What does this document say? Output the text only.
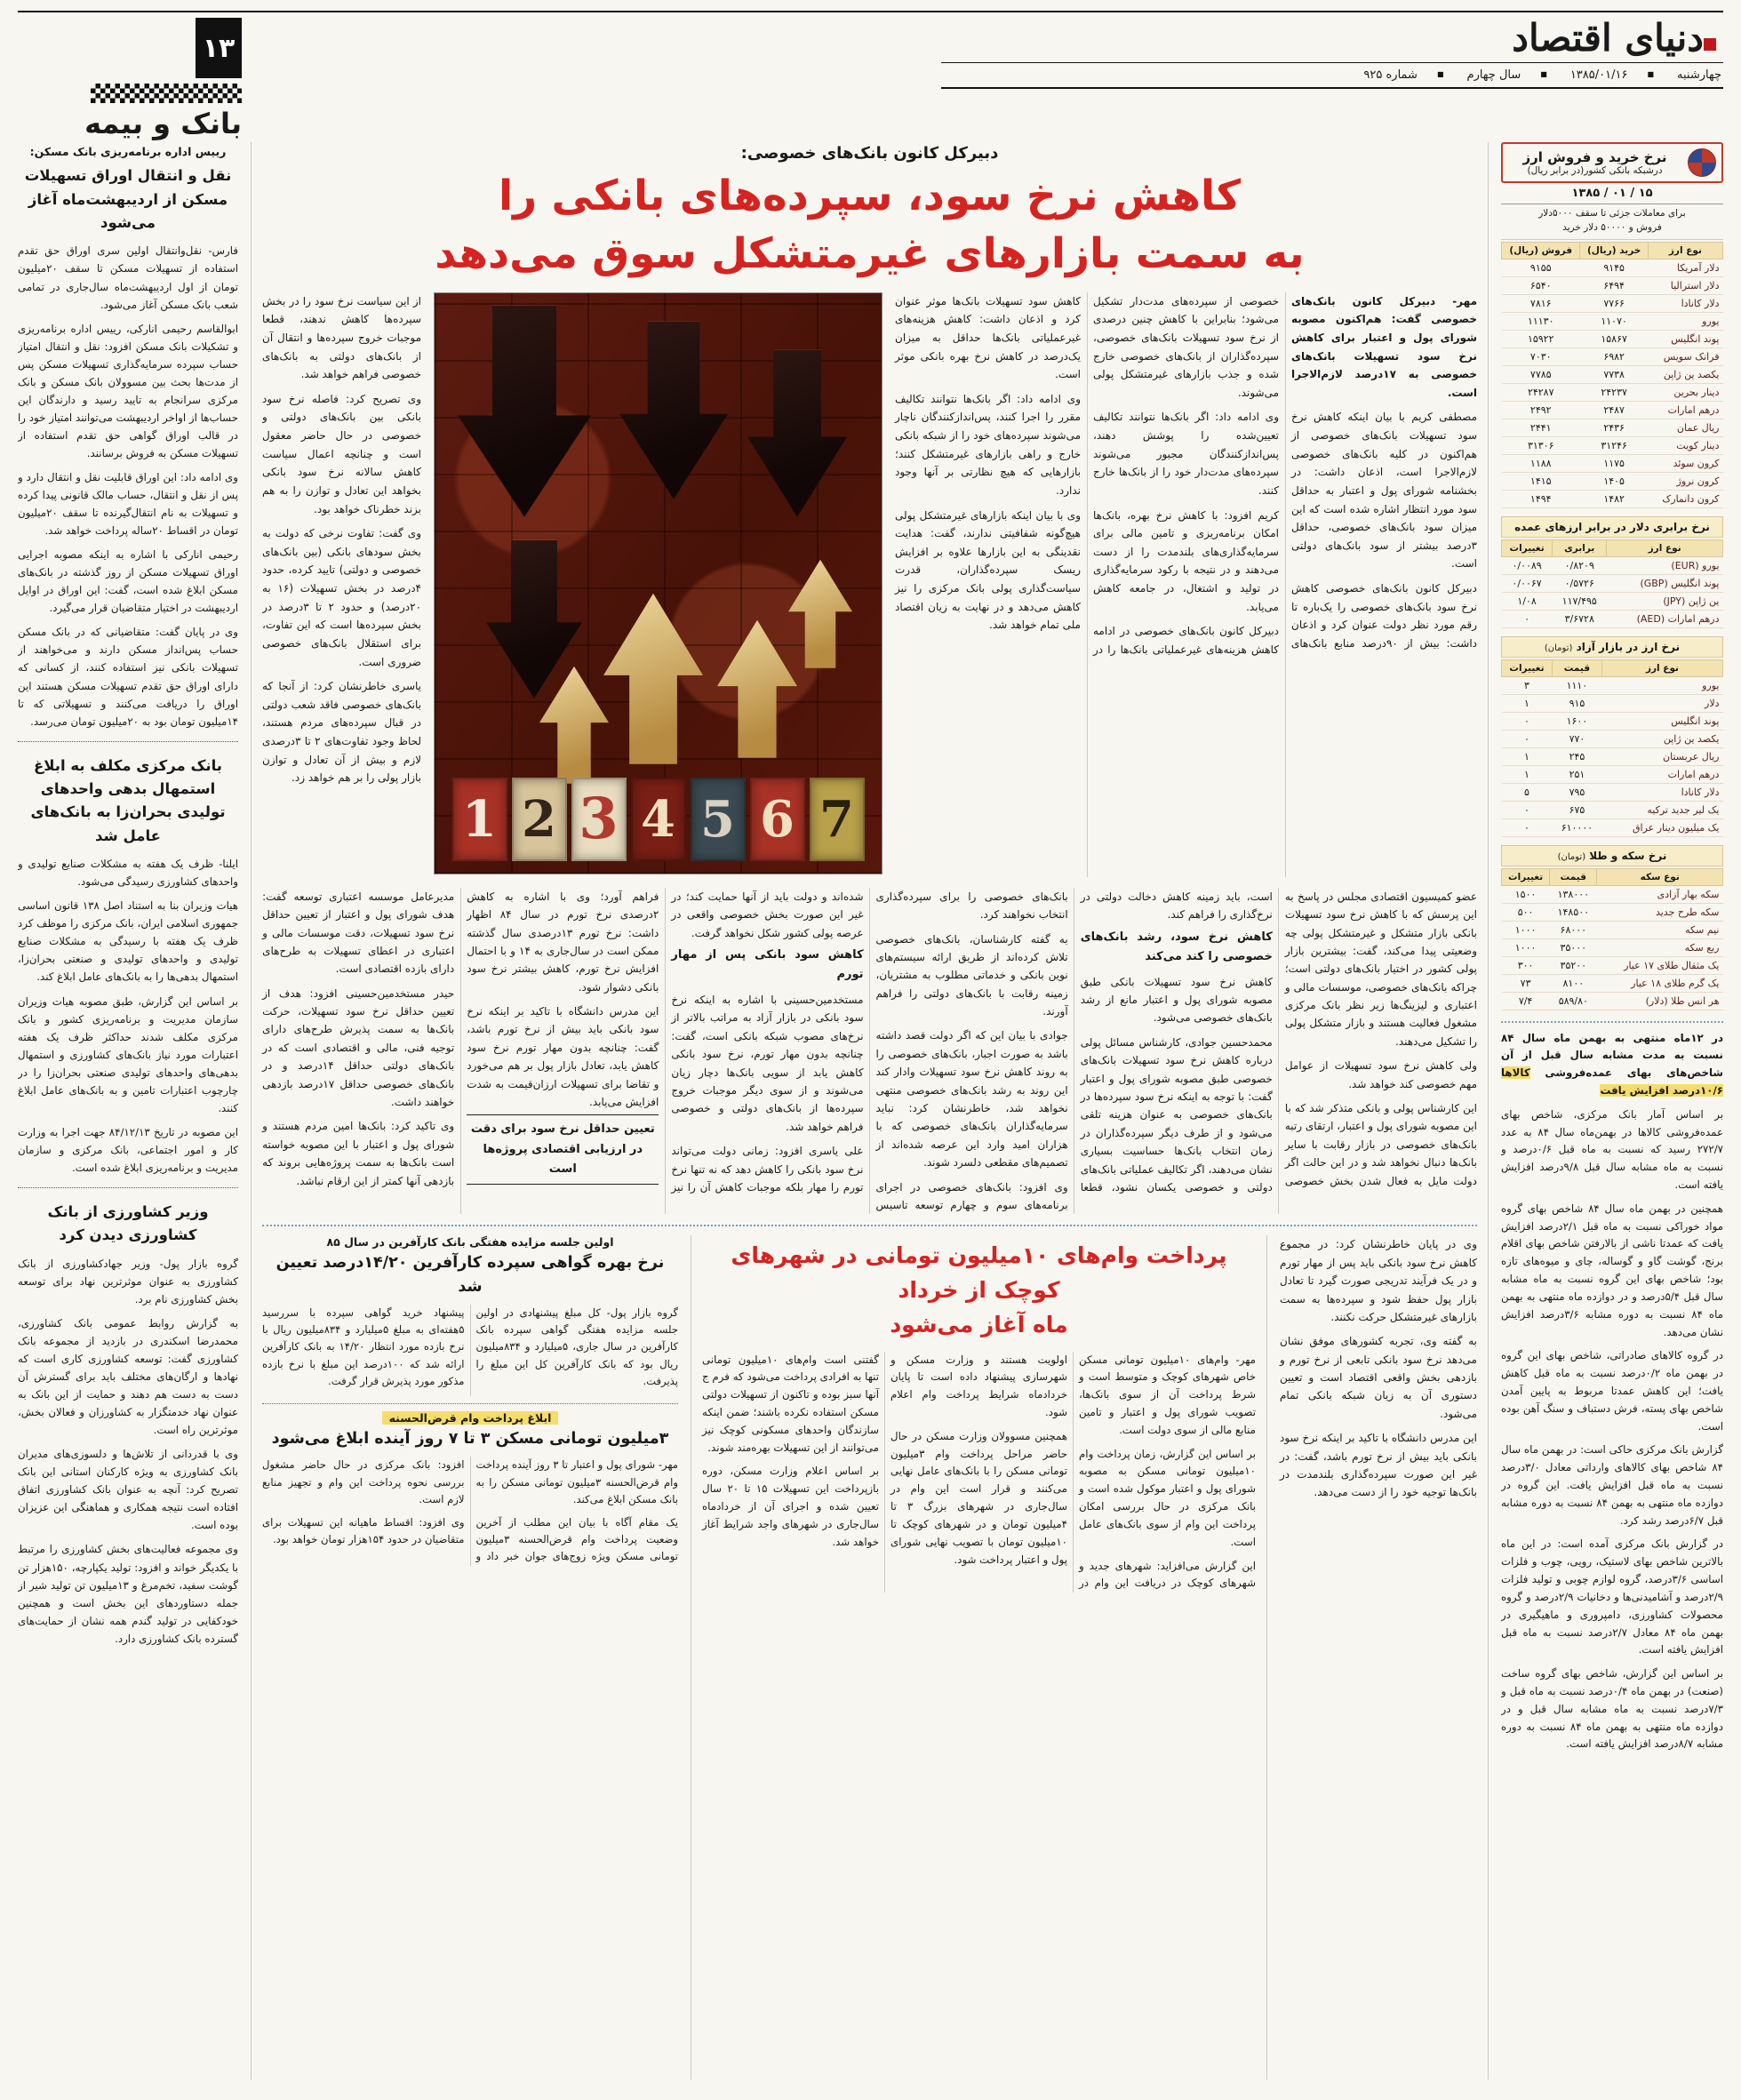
دنیای اقتصاد
چهارشنبه
■ ۱۳۸۵/۰۱/۱۶
■ سال چهارم
■ شماره ۹۲۵
۱۳
بانک و بیمه
نرخ خرید و فروش ارز
درشبکه بانکی کشور(در برابر ریال)
۱۵ / ۰۱ / ۱۳۸۵
برای معاملات جزئی تا سقف ۵۰۰۰دلار
فروش و ۵۰۰۰۰ دلار خرید
نوع ارز	خرید (ریال)	فروش (ریال)
دلار آمریکا	۹۱۴۵	۹۱۵۵
دلار استرالیا	۶۴۹۴	۶۵۴۰
دلار کانادا	۷۷۶۶	۷۸۱۶
یورو	۱۱۰۷۰	۱۱۱۳۰
پوند انگلیس	۱۵۸۶۷	۱۵۹۲۲
فرانک سویس	۶۹۸۲	۷۰۳۰
یکصد ین ژاپن	۷۷۳۸	۷۷۸۵
دینار بحرین	۲۴۲۳۷	۲۴۲۸۷
درهم امارات	۲۴۸۷	۲۴۹۲
ریال عمان	۲۴۳۶	۲۴۴۱
دینار کویت	۳۱۲۴۶	۳۱۳۰۶
کرون سوئد	۱۱۷۵	۱۱۸۸
کرون نروژ	۱۴۰۵	۱۴۱۵
کرون دانمارک	۱۴۸۲	۱۴۹۴
نرخ برابری دلار در برابر ارزهای عمده
نوع ارز	برابری	تغییرات
یورو (EUR)	۰/۸۲۰۹	۰/۰۰۸۹
پوند انگلیس (GBP)	۰/۵۷۲۶	۰/۰۰۶۷
ین ژاپن (JPY)	۱۱۷/۴۹۵	۱/۰۸
درهم امارات (AED)	۳/۶۷۲۸	۰
نرخ ارز در بازار آزاد (تومان)
نوع ارز	قیمت	تغییرات
یورو	۱۱۱۰	۳
دلار	۹۱۵	۱
پوند انگلیس	۱۶۰۰	۰
یکصد ین ژاپن	۷۷۰	۰
ریال عربستان	۲۴۵	۱
درهم امارات	۲۵۱	۱
دلار کانادا	۷۹۵	۵
یک لیر جدید ترکیه	۶۷۵	۰
یک میلیون دینار عراق	۶۱۰۰۰۰	۰
نرخ سکه و طلا (تومان)
نوع سکه	قیمت	تغییرات
سکه بهار آزادی	۱۳۸۰۰۰	۱۵۰۰
سکه طرح جدید	۱۴۸۵۰۰	۵۰۰
نیم سکه	۶۸۰۰۰	۱۰۰۰
ربع سکه	۳۵۰۰۰	۱۰۰۰
یک مثقال طلای ۱۷ عیار	۳۵۲۰۰	۳۰۰
یک گرم طلای ۱۸ عیار	۸۱۰۰	۷۳
هر انس طلا (دلار)	۵۸۹/۸۰	۷/۴

در ۱۲ماه منتهی به بهمن ماه سال ۸۴ نسبت به مدت مشابه سال قبل از آن شاخص‌های بهای عمده‌فروشی کالاها ۱۰/۶درصد افزایش یافت

بر اساس آمار بانک مرکزی، شاخص بهای عمده‌فروشی کالاها در بهمن‌ماه سال ۸۴ به عدد ۲۷۲/۷ رسید که نسبت به ماه قبل ۰/۶درصد و نسبت به ماه مشابه سال قبل ۹/۸درصد افزایش یافته است.

همچنین در بهمن ماه سال ۸۴ شاخص بهای گروه مواد خوراکی نسبت به ماه قبل ۲/۱درصد افزایش یافت که عمدتا ناشی از بالارفتن شاخص بهای اقلام برنج، گوشت گاو و گوساله، چای و میوه‌های تازه بود؛ شاخص بهای این گروه نسبت به ماه مشابه سال قبل ۵/۴درصد و در دوازده ماه منتهی به بهمن ماه ۸۴ نسبت به دوره مشابه ۳/۶درصد افزایش نشان می‌دهد.

در گروه کالاهای صادراتی، شاخص بهای این گروه در بهمن ماه ۰/۲درصد نسبت به ماه قبل کاهش یافت؛ این کاهش عمدتا مربوط به پایین آمدن شاخص بهای پسته، فرش دستباف و سنگ آهن بوده است.

گزارش بانک مرکزی حاکی است: در بهمن ماه سال ۸۴ شاخص بهای کالاهای وارداتی معادل ۳/۰درصد نسبت به ماه قبل افزایش یافت. این گروه در دوازده ماه منتهی به بهمن ۸۴ نسبت به دوره مشابه قبل ۶/۷درصد رشد کرد.

در گزارش بانک مرکزی آمده است: در این ماه بالاترین شاخص بهای لاستیک، رویی، چوب و فلزات اساسی ۳/۶درصد، گروه لوازم چوبی و تولید فلزات ۲/۹درصد و آشامیدنی‌ها و دخانیات ۲/۹درصد و گروه محصولات کشاورزی، دامپروری و ماهیگیری در بهمن ماه ۸۴ معادل ۲/۷درصد نسبت به ماه قبل افزایش یافته است.

بر اساس این گزارش، شاخص بهای گروه ساخت (صنعت) در بهمن ماه ۰/۴درصد نسبت به ماه قبل و ۷/۳درصد نسبت به ماه مشابه سال قبل و در دوازده ماه منتهی به بهمن ماه ۸۴ نسبت به دوره مشابه ۸/۷درصد افزایش یافته است.

دبیرکل کانون بانک‌های خصوصی:
کاهش نرخ سود، سپرده‌های بانکی را
به سمت بازارهای غیرمتشکل سوق می‌دهد

مهر- دبیرکل کانون بانک‌های خصوصی گفت: هم‌اکنون مصوبه شورای پول و اعتبار برای کاهش نرخ سود تسهیلات بانک‌های خصوصی به ۱۷درصد لازم‌الاجرا است.

مصطفی کریم با بیان اینکه کاهش نرخ سود تسهیلات بانک‌های خصوصی از هم‌اکنون در کلیه بانک‌های خصوصی لازم‌الاجرا است، اذعان داشت: در بخشنامه شورای پول و اعتبار به حداقل سود مورد انتظار اشاره شده است که این میزان سود بانک‌های خصوصی، حداقل ۳درصد بیشتر از سود بانک‌های دولتی است.

دبیرکل کانون بانک‌های خصوصی کاهش نرخ سود بانک‌های خصوصی را یک‌باره تا رقم مورد نظر دولت عنوان کرد و اذعان داشت: بیش از ۹۰درصد منابع بانک‌های خصوصی از سپرده‌های مدت‌دار تشکیل می‌شود؛ بنابراین با کاهش چنین درصدی از نرخ سود تسهیلات بانک‌های خصوصی، سپرده‌گذاران از بانک‌های خصوصی خارج شده و جذب بازارهای غیرمتشکل پولی می‌شوند.

وی ادامه داد: اگر بانک‌ها نتوانند تکالیف تعیین‌شده را پوشش دهند، پس‌اندازکنندگان مجبور می‌شوند سپرده‌های مدت‌دار خود را از بانک‌ها خارج کنند.

کریم افزود: با کاهش نرخ بهره، بانک‌ها امکان برنامه‌ریزی و تامین مالی برای سرمایه‌گذاری‌های بلندمدت را از دست می‌دهند و در نتیجه با رکود سرمایه‌گذاری در تولید و اشتغال، در جامعه کاهش می‌یابد.

دبیرکل کانون بانک‌های خصوصی در ادامه کاهش هزینه‌های غیرعملیاتی بانک‌ها را در کاهش سود تسهیلات بانک‌ها موثر عنوان کرد و اذعان داشت: کاهش هزینه‌های غیرعملیاتی بانک‌ها حداقل به میزان یک‌درصد در کاهش نرخ بهره بانکی موثر است.

وی ادامه داد: اگر بانک‌ها نتوانند تکالیف مقرر را اجرا کنند، پس‌اندازکنندگان ناچار می‌شوند سپرده‌های خود را از شبکه بانکی خارج و راهی بازارهای غیرمتشکل کنند؛ بازارهایی که هیچ نظارتی بر آنها وجود ندارد.

وی با بیان اینکه بازارهای غیرمتشکل پولی هیچ‌گونه شفافیتی ندارند، گفت: هدایت نقدینگی به این بازارها علاوه بر افزایش ریسک سپرده‌گذاران، قدرت سیاست‌گذاری پولی بانک مرکزی را نیز کاهش می‌دهد و در نهایت به زیان اقتصاد ملی تمام خواهد شد.

1 2 3 4 5 6 7

از این سیاست نرخ سود را در بخش سپرده‌ها کاهش ندهند، قطعا موجبات خروج سپرده‌ها و انتقال آن از بانک‌های دولتی به بانک‌های خصوصی فراهم خواهد شد.

وی تصریح کرد: فاصله نرخ سود بانکی بین بانک‌های دولتی و خصوصی در حال حاضر معقول است و چنانچه اعمال سیاست کاهش سالانه نرخ سود بانکی بخواهد این تعادل و توازن را به هم بزند خطرناک خواهد بود.

وی گفت: تفاوت نرخی که دولت به بخش سودهای بانکی (بین بانک‌های خصوصی و دولتی) تایید کرده، حدود ۴درصد در بخش تسهیلات (۱۶ به ۲۰درصد) و حدود ۲ تا ۳درصد در بخش سپرده‌ها است که این تفاوت، برای استقلال بانک‌های خصوصی ضروری است.

یاسری خاطرنشان کرد: از آنجا که بانک‌های خصوصی فاقد شعب دولتی در قبال سپرده‌های مردم هستند، لحاظ وجود تفاوت‌های ۲ تا ۳درصدی لازم و بیش از آن تعادل و توازن بازار پولی را بر هم خواهد زد.

عضو کمیسیون اقتصادی مجلس در پاسخ به این پرسش که با کاهش نرخ سود تسهیلات بانکی بازار متشکل و غیرمتشکل پولی چه وضعیتی پیدا می‌کند، گفت: بیشترین بازار پولی کشور در اختیار بانک‌های دولتی است؛ چراکه بانک‌های خصوصی، موسسات مالی و اعتباری و لیزینگ‌ها زیر نظر بانک مرکزی مشغول فعالیت هستند و بازار متشکل پولی را تشکیل می‌دهند.

ولی کاهش نرخ سود تسهیلات از عوامل مهم خصوصی کند خواهد شد.

این کارشناس پولی و بانکی متذکر شد که با این مصوبه شورای پول و اعتبار، ارتقای رتبه بانک‌های خصوصی در بازار رقابت با سایر بانک‌ها دنبال نخواهد شد و در این حالت اگر دولت مایل به فعال شدن بخش خصوصی است، باید زمینه کاهش دخالت دولتی در نرخ‌گذاری را فراهم کند.

کاهش نرخ سود، رشد بانک‌های خصوصی را کند می‌کند

کاهش نرخ سود تسهیلات بانکی طبق مصوبه شورای پول و اعتبار مانع از رشد بانک‌های خصوصی می‌شود.

محمدحسین جوادی، کارشناس مسائل پولی درباره کاهش نرخ سود تسهیلات بانک‌های خصوصی طبق مصوبه شورای پول و اعتبار گفت: با توجه به اینکه نرخ سود سپرده‌ها در بانک‌های خصوصی به عنوان هزینه تلقی می‌شود و از طرف دیگر سپرده‌گذاران در زمان انتخاب بانک‌ها حساسیت بسیاری نشان می‌دهند، اگر تکالیف عملیاتی بانک‌های دولتی و خصوصی یکسان نشود، قطعا بانک‌های خصوصی را برای سپرده‌گذاری انتخاب نخواهند کرد.

به گفته کارشناسان، بانک‌های خصوصی تلاش کرده‌اند از طریق ارائه سیستم‌های نوین بانکی و خدماتی مطلوب به مشتریان، زمینه رقابت با بانک‌های دولتی را فراهم آورند.

جوادی با بیان این که اگر دولت قصد داشته باشد به صورت اجبار، بانک‌های خصوصی را به روند کاهش نرخ سود تسهیلات وادار کند این روند به رشد بانک‌های خصوصی منتهی نخواهد شد، خاطرنشان کرد: نباید سرمایه‌گذاران بانک‌های خصوصی که با هزاران امید وارد این عرصه شده‌اند از تصمیم‌های مقطعی دلسرد شوند.

وی افزود: بانک‌های خصوصی در اجرای برنامه‌های سوم و چهارم توسعه تاسیس شده‌اند و دولت باید از آنها حمایت کند؛ در غیر این صورت بخش خصوصی واقعی در عرصه پولی کشور شکل نخواهد گرفت.

کاهش سود بانکی پس از مهار تورم

مستخدمین‌حسینی با اشاره به اینکه نرخ سود بانکی در بازار آزاد به مراتب بالاتر از نرخ‌های مصوب شبکه بانکی است، گفت: چنانچه بدون مهار تورم، نرخ سود بانکی کاهش یابد از سویی بانک‌ها دچار زیان می‌شوند و از سوی دیگر موجبات خروج سپرده‌ها از بانک‌های دولتی و خصوصی فراهم خواهد شد.

علی یاسری افزود: زمانی دولت می‌تواند نرخ سود بانکی را کاهش دهد که نه تنها نرخ تورم را مهار بلکه موجبات کاهش آن را نیز فراهم آورد؛ وی با اشاره به کاهش ۲درصدی نرخ تورم در سال ۸۴ اظهار داشت: نرخ تورم ۱۳درصدی سال گذشته ممکن است در سال‌جاری به ۱۴ و با احتمال افزایش نرخ تورم، کاهش بیشتر نرخ سود بانکی دشوار شود.

این مدرس دانشگاه با تاکید بر اینکه نرخ سود بانکی باید بیش از نرخ تورم باشد، گفت: چنانچه بدون مهار تورم نرخ سود کاهش یابد، تعادل بازار پول بر هم می‌خورد و تقاضا برای تسهیلات ارزان‌قیمت به شدت افزایش می‌یابد.

تعیین حداقل نرخ سود برای دقت در ارزیابی اقتصادی پروژه‌ها است

مدیرعامل موسسه اعتباری توسعه گفت: هدف شورای پول و اعتبار از تعیین حداقل نرخ سود تسهیلات، دقت موسسات مالی و اعتباری در اعطای تسهیلات به طرح‌های دارای بازده اقتصادی است.

حیدر مستخدمین‌حسینی افزود: هدف از تعیین حداقل نرخ سود تسهیلات، حرکت بانک‌ها به سمت پذیرش طرح‌های دارای توجیه فنی، مالی و اقتصادی است که در بانک‌های دولتی حداقل ۱۴درصد و در بانک‌های خصوصی حداقل ۱۷درصد بازدهی خواهند داشت.

وی تاکید کرد: بانک‌ها امین مردم هستند و شورای پول و اعتبار با این مصوبه خواسته است بانک‌ها به سمت پروژه‌هایی بروند که بازدهی آنها کمتر از این ارقام نباشد.

وی در پایان خاطرنشان کرد: در مجموع کاهش نرخ سود بانکی باید پس از مهار تورم و در یک فرآیند تدریجی صورت گیرد تا تعادل بازار پول حفظ شود و سپرده‌ها به سمت بازارهای غیرمتشکل حرکت نکنند.

به گفته وی، تجربه کشورهای موفق نشان می‌دهد نرخ سود بانکی تابعی از نرخ تورم و بازدهی بخش واقعی اقتصاد است و تعیین دستوری آن به زیان شبکه بانکی تمام می‌شود.

این مدرس دانشگاه با تاکید بر اینکه نرخ سود بانکی باید بیش از نرخ تورم باشد، گفت: در غیر این صورت سپرده‌گذاری بلندمدت در بانک‌ها توجیه خود را از دست می‌دهد.

پرداخت وام‌های ۱۰میلیون تومانی در شهرهای کوچک از خرداد
ماه آغاز می‌شود

مهر- وام‌های ۱۰میلیون تومانی مسکن خاص شهرهای کوچک و متوسط است و شرط پرداخت آن از سوی بانک‌ها، تصویب شورای پول و اعتبار و تامین منابع مالی از سوی دولت است.

بر اساس این گزارش، زمان پرداخت وام ۱۰میلیون تومانی مسکن به مصوبه شورای پول و اعتبار موکول شده است و بانک مرکزی در حال بررسی امکان پرداخت این وام از سوی بانک‌های عامل است.

این گزارش می‌افزاید: شهرهای جدید و شهرهای کوچک در دریافت این وام در اولویت هستند و وزارت مسکن و شهرسازی پیشنهاد داده است تا پایان خردادماه شرایط پرداخت وام اعلام شود.

همچنین مسوولان وزارت مسکن در حال حاضر مراحل پرداخت وام ۳میلیون تومانی مسکن را با بانک‌های عامل نهایی می‌کنند و قرار است این وام در سال‌جاری در شهرهای بزرگ ۳ تا ۴میلیون تومان و در شهرهای کوچک تا ۱۰میلیون تومان با تصویب نهایی شورای پول و اعتبار پرداخت شود.

گفتنی است وام‌های ۱۰میلیون تومانی تنها به افرادی پرداخت می‌شود که فرم ج آنها سبز بوده و تاکنون از تسهیلات دولتی مسکن استفاده نکرده باشند؛ ضمن اینکه سازندگان واحدهای مسکونی کوچک نیز می‌توانند از این تسهیلات بهره‌مند شوند.

بر اساس اعلام وزارت مسکن، دوره بازپرداخت این تسهیلات ۱۵ تا ۲۰ سال تعیین شده و اجرای آن از خردادماه سال‌جاری در شهرهای واجد شرایط آغاز خواهد شد.

اولین جلسه مزایده هفتگی بانک کارآفرین در سال ۸۵
نرخ بهره گواهی سپرده کارآفرین ۱۴/۲۰درصد تعیین شد

گروه بازار پول- کل مبلغ پیشنهادی در اولین جلسه مزایده هفتگی گواهی سپرده بانک کارآفرین در سال جاری، ۵میلیارد و ۸۳۴میلیون ریال بود که بانک کارآفرین کل این مبلغ را پذیرفت.

پیشنهاد خرید گواهی سپرده با سررسید ۵هفته‌ای به مبلغ ۵میلیارد و ۸۳۴میلیون ریال با نرخ بازده مورد انتظار ۱۴/۲۰ به بانک کارآفرین ارائه شد که ۱۰۰درصد این مبلغ با نرخ بازده مذکور مورد پذیرش قرار گرفت.

ابلاغ پرداخت وام قرض‌الحسنه
۳میلیون تومانی مسکن ۳ تا ۷ روز آینده ابلاغ می‌شود

مهر- شورای پول و اعتبار تا ۳ روز آینده پرداخت وام قرض‌الحسنه ۳میلیون تومانی مسکن را به بانک مسکن ابلاغ می‌کند.

یک مقام آگاه با بیان این مطلب از آخرین وضعیت پرداخت وام قرض‌الحسنه ۳میلیون تومانی مسکن ویژه زوج‌های جوان خبر داد و افزود: بانک مرکزی در حال حاضر مشغول بررسی نحوه پرداخت این وام و تجهیز منابع لازم است.

وی افزود: اقساط ماهیانه این تسهیلات برای متقاضیان در حدود ۱۵۴هزار تومان خواهد بود.

رییس اداره برنامه‌ریزی بانک مسکن:
نقل و انتقال اوراق تسهیلات مسکن از اردیبهشت‌ماه آغاز می‌شود

فارس- نقل‌وانتقال اولین سری اوراق حق تقدم استفاده از تسهیلات مسکن تا سقف ۲۰میلیون تومان از اول اردیبهشت‌ماه سال‌جاری در تمامی شعب بانک مسکن آغاز می‌شود.

ابوالقاسم رحیمی انارکی، رییس اداره برنامه‌ریزی و تشکیلات بانک مسکن افزود: نقل و انتقال امتیاز حساب سپرده سرمایه‌گذاری تسهیلات مسکن پس از مدت‌ها بحث بین مسوولان بانک مسکن و بانک مرکزی سرانجام به تایید رسید و دارندگان این حساب‌ها از اواخر اردیبهشت می‌توانند امتیاز خود را در قالب اوراق گواهی حق تقدم استفاده از تسهیلات مسکن به فروش برسانند.

وی ادامه داد: این اوراق قابلیت نقل و انتقال دارد و پس از نقل و انتقال، حساب مالک قانونی پیدا کرده و تسهیلات به نام انتقال‌گیرنده تا سقف ۲۰میلیون تومان در اقساط ۲۰ساله پرداخت خواهد شد.

رحیمی انارکی با اشاره به اینکه مصوبه اجرایی اوراق تسهیلات مسکن از روز گذشته در بانک‌های مسکن ابلاغ شده است، گفت: این اوراق در اوایل اردیبهشت در اختیار متقاضیان قرار می‌گیرد.

وی در پایان گفت: متقاضیانی که در بانک مسکن حساب پس‌انداز مسکن دارند و می‌خواهند از تسهیلات بانکی نیز استفاده کنند، از کسانی که دارای اوراق حق تقدم تسهیلات مسکن هستند این اوراق را دریافت می‌کنند و تسهیلاتی که تا ۱۴میلیون تومان بود به ۲۰میلیون تومان می‌رسد.

بانک مرکزی مکلف به ابلاغ استمهال بدهی واحدهای تولیدی بحران‌زا به بانک‌های عامل شد

ایلنا- ظرف یک هفته به مشکلات صنایع تولیدی و واحدهای کشاورزی رسیدگی می‌شود.

هیات وزیران بنا به استناد اصل ۱۳۸ قانون اساسی جمهوری اسلامی ایران، بانک مرکزی را موظف کرد ظرف یک هفته با رسیدگی به مشکلات صنایع تولیدی و واحدهای تولیدی و صنعتی بحران‌زا، استمهال بدهی‌ها را به بانک‌های عامل ابلاغ کند.

بر اساس این گزارش، طبق مصوبه هیات وزیران سازمان مدیریت و برنامه‌ریزی کشور و بانک مرکزی مکلف شدند حداکثر ظرف یک هفته اعتبارات مورد نیاز بانک‌های کشاورزی و استمهال بدهی‌های واحدهای تولیدی صنعتی بحران‌زا را در چارچوب اعتبارات تامین و به بانک‌های عامل ابلاغ کنند.

این مصوبه در تاریخ ۸۴/۱۲/۱۳ جهت اجرا به وزارت کار و امور اجتماعی، بانک مرکزی و سازمان مدیریت و برنامه‌ریزی ابلاغ شده است.

وزیر کشاورزی از بانک کشاورزی دیدن کرد

گروه بازار پول- وزیر جهادکشاورزی از بانک کشاورزی به عنوان موثرترین نهاد برای توسعه بخش کشاورزی نام برد.

به گزارش روابط عمومی بانک کشاورزی، محمدرضا اسکندری در بازدید از مجموعه بانک کشاورزی گفت: توسعه کشاورزی کاری است که نهادها و ارگان‌های مختلف باید برای گسترش آن دست به دست هم دهند و حمایت از این بانک به عنوان نهاد خدمتگزار به کشاورزان و فعالان بخش، موثرترین راه است.

وی با قدردانی از تلاش‌ها و دلسوزی‌های مدیران بانک کشاورزی به ویژه کارکنان استانی این بانک تصریح کرد: آنچه به عنوان بانک کشاورزی اتفاق افتاده است نتیجه همکاری و هماهنگی این عزیزان بوده است.

وی مجموعه فعالیت‌های بخش کشاورزی را مرتبط با یکدیگر خواند و افزود: تولید یکپارچه، ۱۵۰هزار تن گوشت سفید، تخم‌مرغ و ۱۳میلیون تن تولید شیر از جمله دستاوردهای این بخش است و همچنین خودکفایی در تولید گندم همه نشان از حمایت‌های گسترده بانک کشاورزی دارد.
